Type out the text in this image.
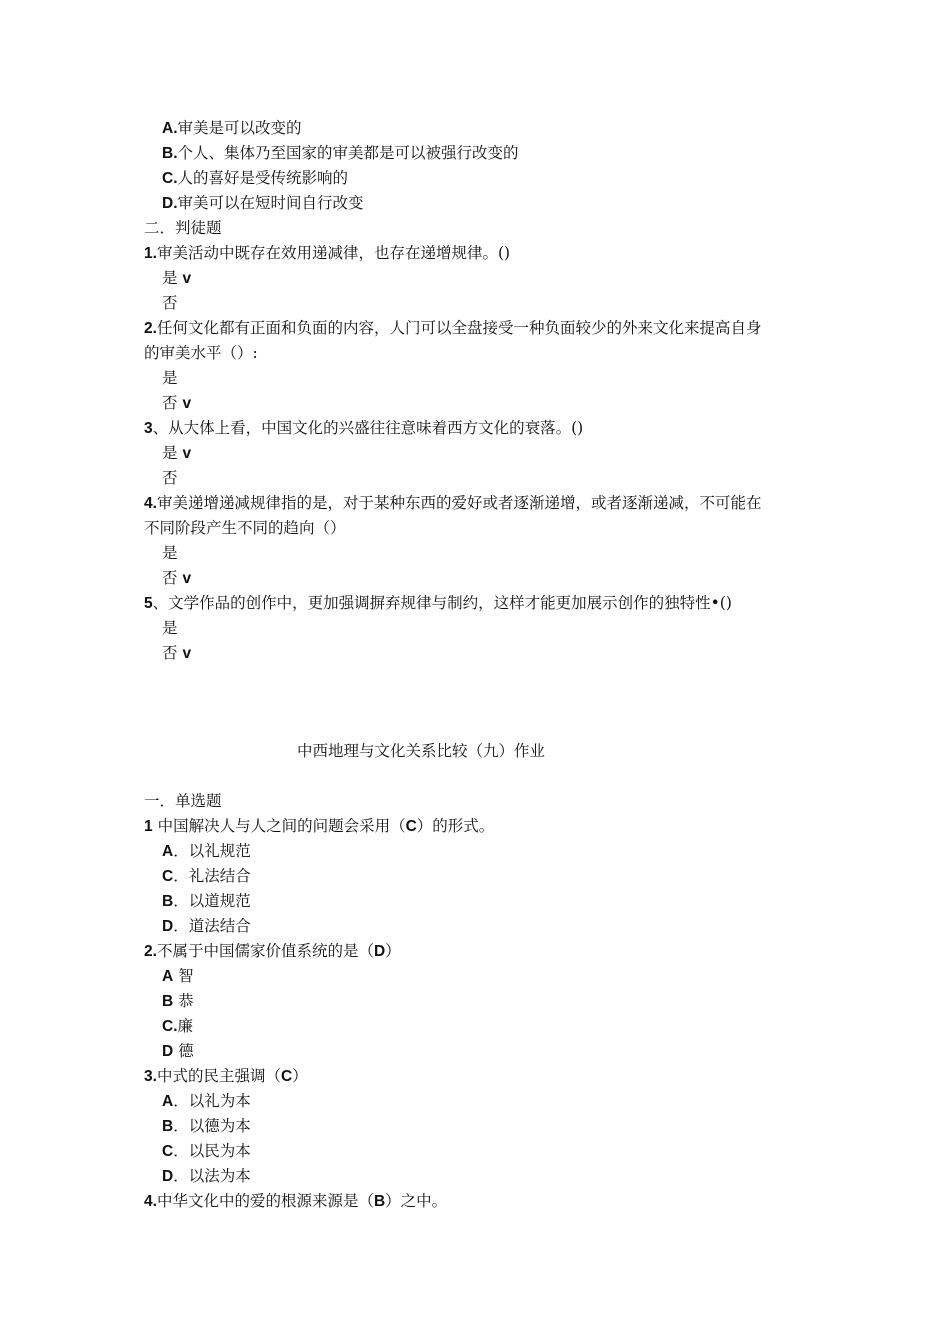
A.审美是可以改变的
B.个人、集体乃至国家的审美都是可以被强行改变的
C.人的喜好是受传统影响的
D.审美可以在短时间自行改变
二．判徒题
1.审美活动中既存在效用递减律，也存在递增规律。()
是 v
否
2.任何文化都有正面和负面的内容，人门可以全盘接受一种负面较少的外来文化来提高自身
的审美水平（）:
是
否 v
3、从大体上看，中国文化的兴盛往往意味着西方文化的衰落。()
是 v
否
4.审美递增递减规律指的是，对于某种东西的爱好或者逐渐递增，或者逐渐递减，不可能在
不同阶段产生不同的趋向（）
是
否 v
5、文学作品的创作中，更加强调摒弃规律与制约，这样才能更加展示创作的独特性•()
是
否 v
中西地理与文化关系比较（九）作业
一．单选题
1 中国解决人与人之间的问题会采用（C）的形式。
A．以礼规范
C．礼法结合
B．以道规范
D．道法结合
2.不属于中国儒家价值系统的是（D）
A 智
B 恭
C.廉
D 德
3.中式的民主强调（C）
A．以礼为本
B．以德为本
C．以民为本
D．以法为本
4.中华文化中的爱的根源来源是（B）之中。
